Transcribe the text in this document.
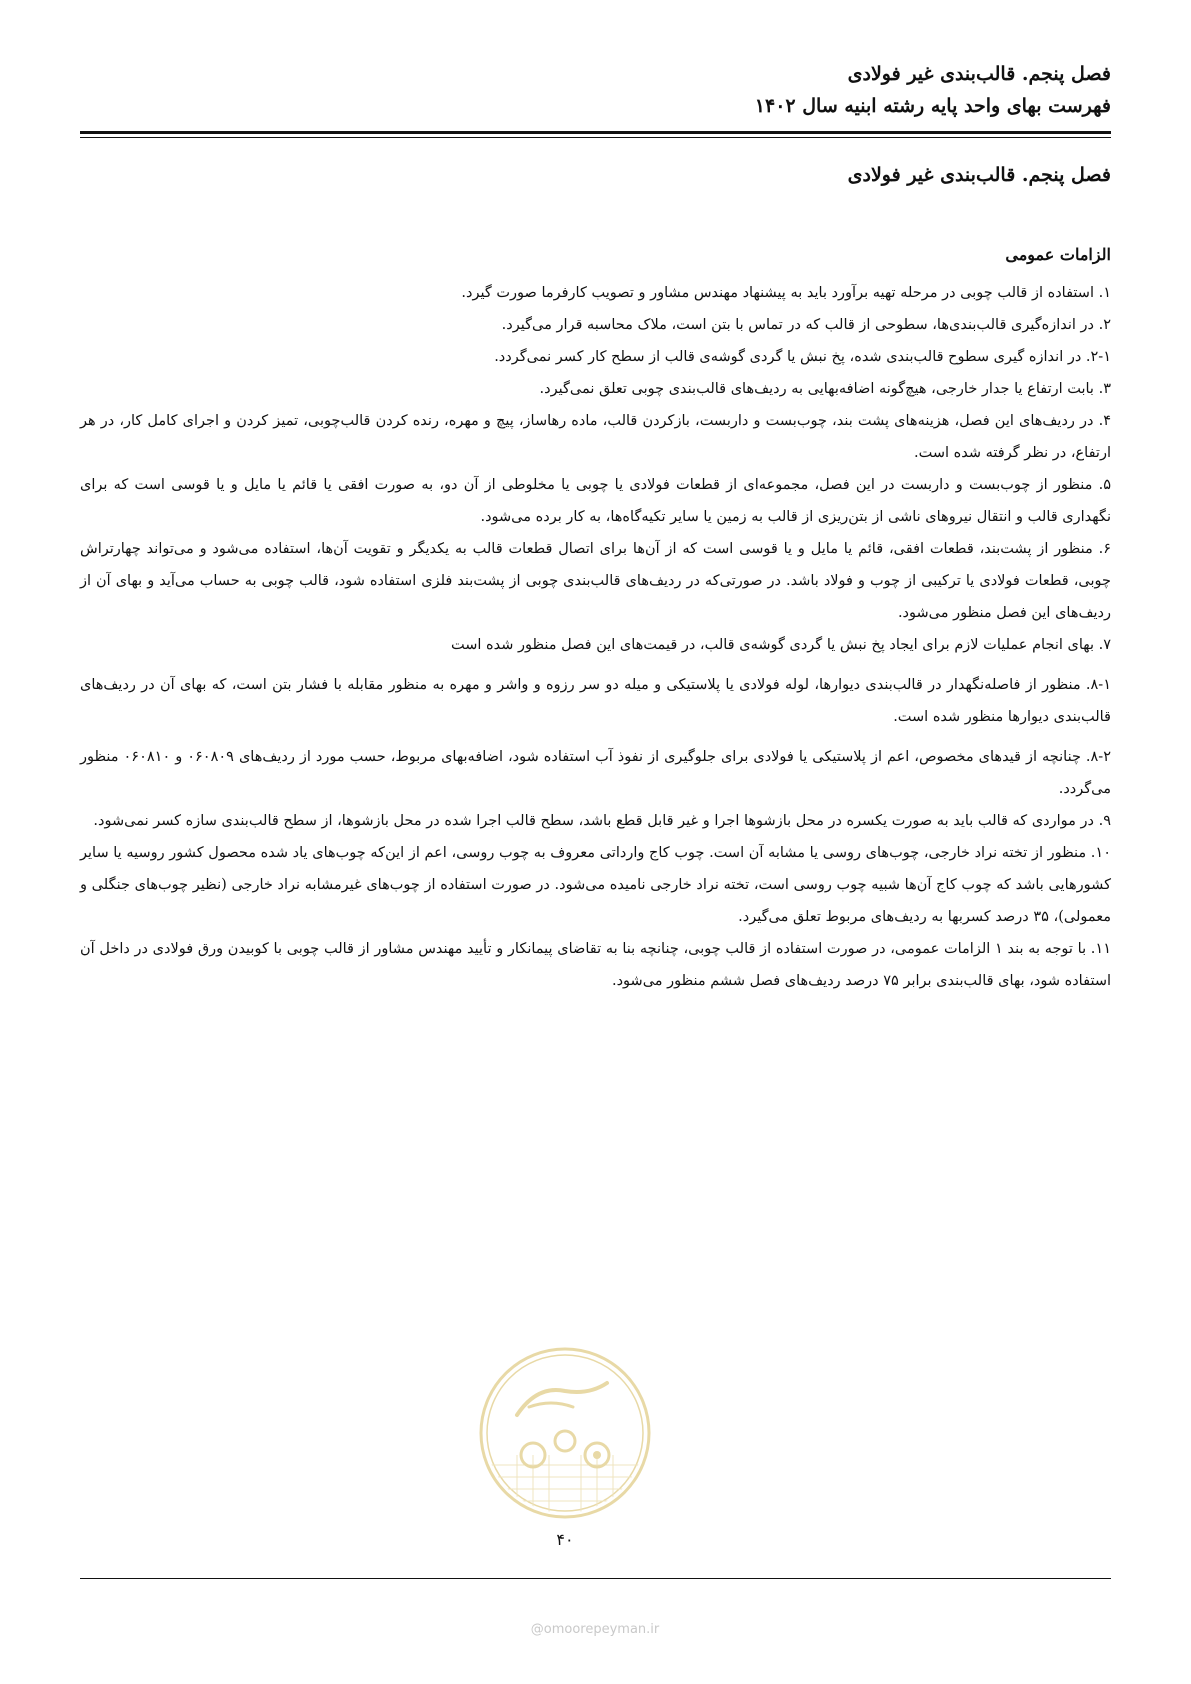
فصل پنجم. قالب‌بندی غیر فولادی
فهرست بهای واحد پایه رشته ابنیه سال ۱۴۰۲
فصل پنجم. قالب‌بندی غیر فولادی
الزامات عمومی

۱. استفاده از قالب چوبی در مرحله تهیه برآورد باید به پیشنهاد مهندس مشاور و تصویب کارفرما صورت گیرد.

۲. در اندازه‌گیری قالب‌بندی‌ها، سطوحی از قالب که در تماس با بتن است، ملاک محاسبه قرار می‌گیرد.

۲-۱. در اندازه گیری سطوح قالب‌بندی شده، پخ نبش یا گردی گوشه‌ی قالب از سطح کار کسر نمی‌گردد.

۳. بابت ارتفاع یا جدار خارجی، هیچ‌گونه اضافه‌بهایی به ردیف‌های قالب‌بندی چوبی تعلق نمی‌گیرد.

۴. در ردیف‌های این فصل، هزینه‌های پشت بند، چوب‌بست و داربست، بازکردن قالب، ماده رهاساز، پیچ و مهره، رنده کردن قالب‌چوبی، تمیز کردن و اجرای کامل کار، در هر ارتفاع، در نظر گرفته شده است.

۵. منظور از چوب‌بست و داربست در این فصل، مجموعه‌ای از قطعات فولادی یا چوبی یا مخلوطی از آن دو، به صورت افقی یا قائم یا مایل و یا قوسی است که برای نگهداری قالب و انتقال نیروهای ناشی از بتن‌ریزی از قالب به زمین یا سایر تکیه‌گاه‌ها، به کار برده می‌شود.

۶. منظور از پشت‌بند، قطعات افقی، قائم یا مایل و یا قوسی است که از آن‌ها برای اتصال قطعات قالب به یکدیگر و تقویت آن‌ها، استفاده می‌شود و می‌تواند چهارتراش چوبی، قطعات فولادی یا ترکیبی از چوب و فولاد باشد. در صورتی‌که در ردیف‌های قالب‌بندی چوبی از پشت‌بند فلزی استفاده شود، قالب چوبی به حساب می‌آید و بهای آن از ردیف‌های این فصل منظور می‌شود.

۷. بهای انجام عملیات لازم برای ایجاد پخ نبش یا گردی گوشه‌ی قالب، در قیمت‌های این فصل منظور شده است

۸-۱. منظور از فاصله‌نگهدار در قالب‌بندی دیوارها، لوله فولادی یا پلاستیکی و میله دو سر رزوه و واشر و مهره به منظور مقابله با فشار بتن است، که بهای آن در ردیف‌های قالب‌بندی دیوارها منظور شده است.

۸-۲. چنانچه از قیدهای مخصوص، اعم از پلاستیکی یا فولادی برای جلوگیری از نفوذ آب استفاده شود، اضافه‌بهای مربوط، حسب مورد از ردیف‌های ۰۶۰۸۰۹ و ۰۶۰۸۱۰ منظور می‌گردد.

۹. در مواردی که قالب باید به صورت یکسره در محل بازشوها اجرا و غیر قابل قطع باشد، سطح قالب اجرا شده در محل بازشوها، از سطح قالب‌بندی سازه کسر نمی‌شود.

۱۰. منظور از تخته نراد خارجی، چوب‌های روسی یا مشابه آن است. چوب کاج وارداتی معروف به چوب روسی، اعم از این‌که چوب‌های یاد شده محصول کشور روسیه یا سایر کشورهایی باشد که چوب کاج آن‌ها شبیه چوب روسی است، تخته نراد خارجی نامیده می‌شود. در صورت استفاده از چوب‌های غیرمشابه نراد خارجی (نظیر چوب‌های جنگلی و معمولی)، ۳۵ درصد کسربها به ردیف‌های مربوط تعلق می‌گیرد.

۱۱. با توجه به بند ۱ الزامات عمومی، در صورت استفاده از قالب چوبی، چنانچه بنا به تقاضای پیمانکار و تأیید مهندس مشاور از قالب چوبی با کوبیدن ورق فولادی در داخل آن استفاده شود، بهای قالب‌بندی برابر ۷۵ درصد ردیف‌های فصل ششم منظور می‌شود.

۴۰
@omoorepeyman.ir
